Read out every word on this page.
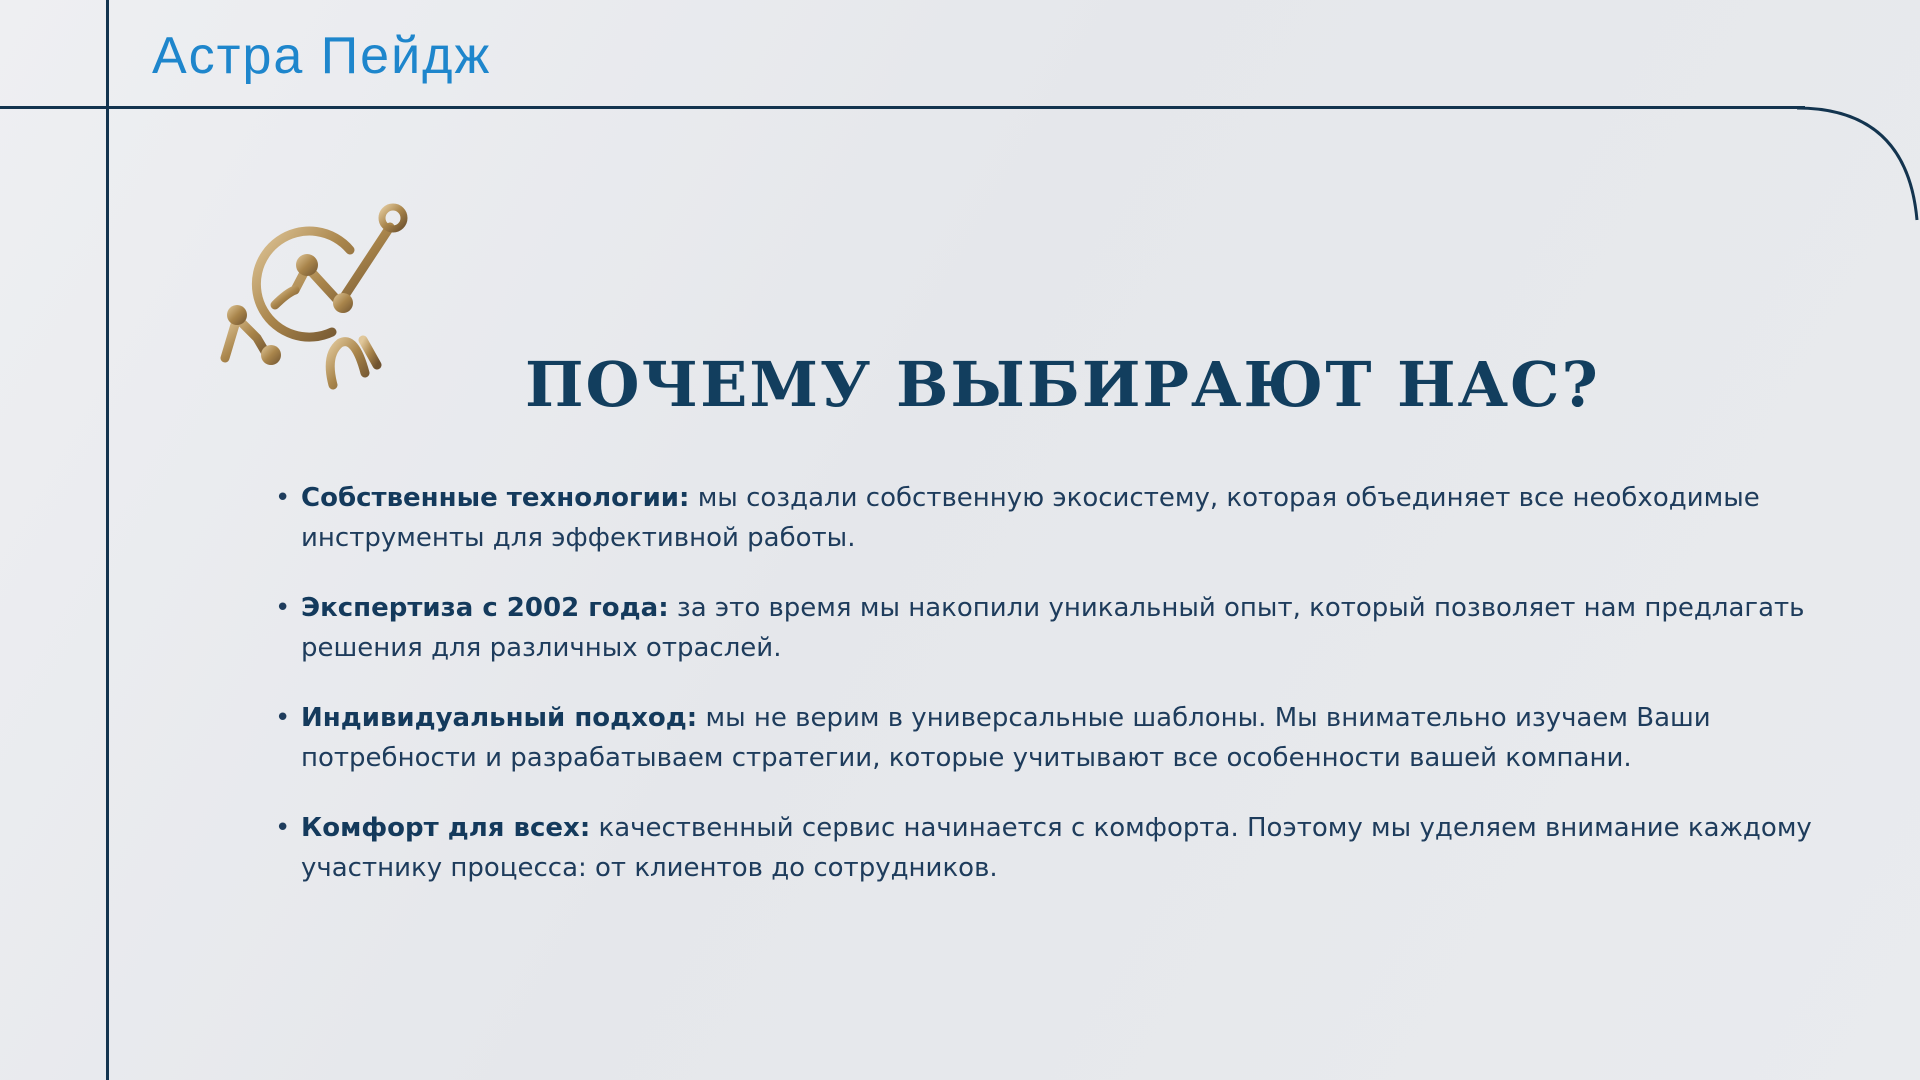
Астра Пейдж
ПОЧЕМУ ВЫБИРАЮТ НАС?
• Собственные технологии: мы создали собственную экосистему, которая объединяет все необходимые инструменты для эффективной работы.
• Экспертиза с 2002 года: за это время мы накопили уникальный опыт, который позволяет нам предлагать решения для различных отраслей.
• Индивидуальный подход: мы не верим в универсальные шаблоны. Мы внимательно изучаем Ваши потребности и разрабатываем стратегии, которые учитывают все особенности вашей компани.
• Комфорт для всех: качественный сервис начинается с комфорта. Поэтому мы уделяем внимание каждому участнику процесса: от клиентов до сотрудников.
